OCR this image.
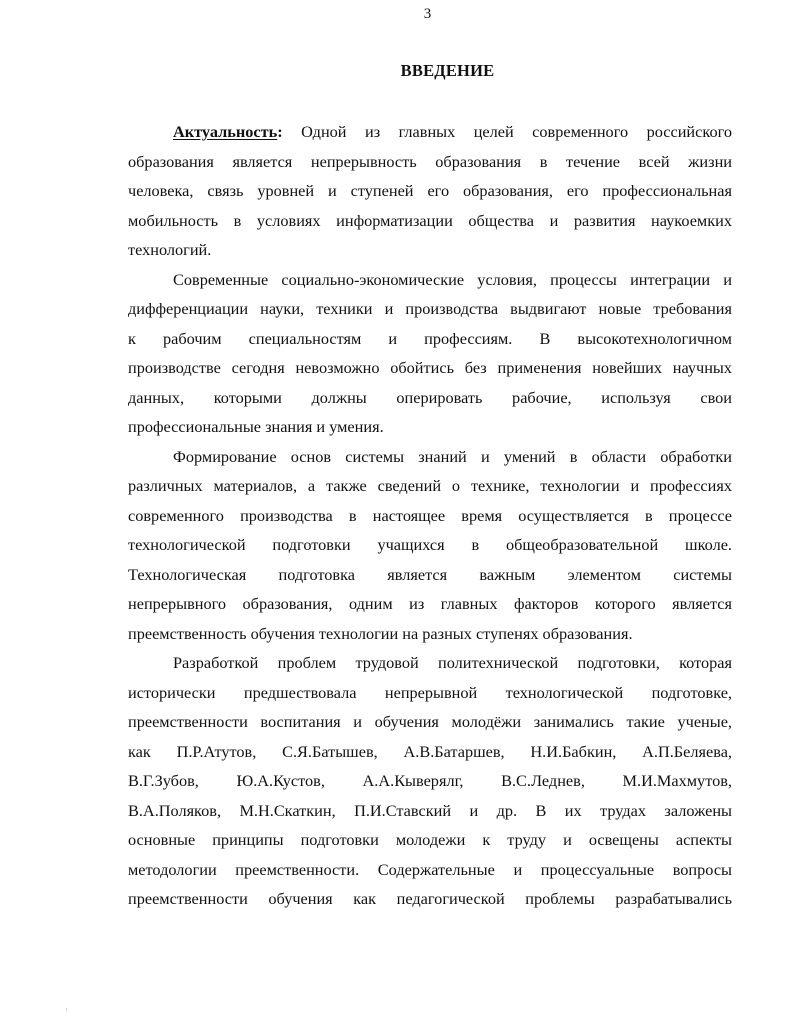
3
ВВЕДЕНИЕ

Актуальность: Одной из главных целей современного российского
образования является непрерывность образования в течение всей жизни
человека, связь уровней и ступеней его образования, его профессиональная
мобильность в условиях информатизации общества и развития наукоемких
технологий.

Современные социально-экономические условия, процессы интеграции и
дифференциации науки, техники и производства выдвигают новые требования
к рабочим специальностям и профессиям. В высокотехнологичном
производстве сегодня невозможно обойтись без применения новейших научных
данных, которыми должны оперировать рабочие, используя свои
профессиональные знания и умения.

Формирование основ системы знаний и умений в области обработки
различных материалов, а также сведений о технике, технологии и профессиях
современного производства в настоящее время осуществляется в процессе
технологической подготовки учащихся в общеобразовательной школе.
Технологическая подготовка является важным элементом системы
непрерывного образования, одним из главных факторов которого является
преемственность обучения технологии на разных ступенях образования.

Разработкой проблем трудовой политехнической подготовки, которая
исторически предшествовала непрерывной технологической подготовке,
преемственности воспитания и обучения молодёжи занимались такие ученые,
как П.Р.Атутов, С.Я.Батышев, А.В.Батаршев, Н.И.Бабкин, А.П.Беляева,
В.Г.Зубов, Ю.А.Кустов, А.А.Кыверялг, В.С.Леднев, М.И.Махмутов,
В.А.Поляков, М.Н.Скаткин, П.И.Ставский и др. В их трудах заложены
основные принципы подготовки молодежи к труду и освещены аспекты
методологии преемственности. Содержательные и процессуальные вопросы
преемственности обучения как педагогической проблемы разрабатывались
